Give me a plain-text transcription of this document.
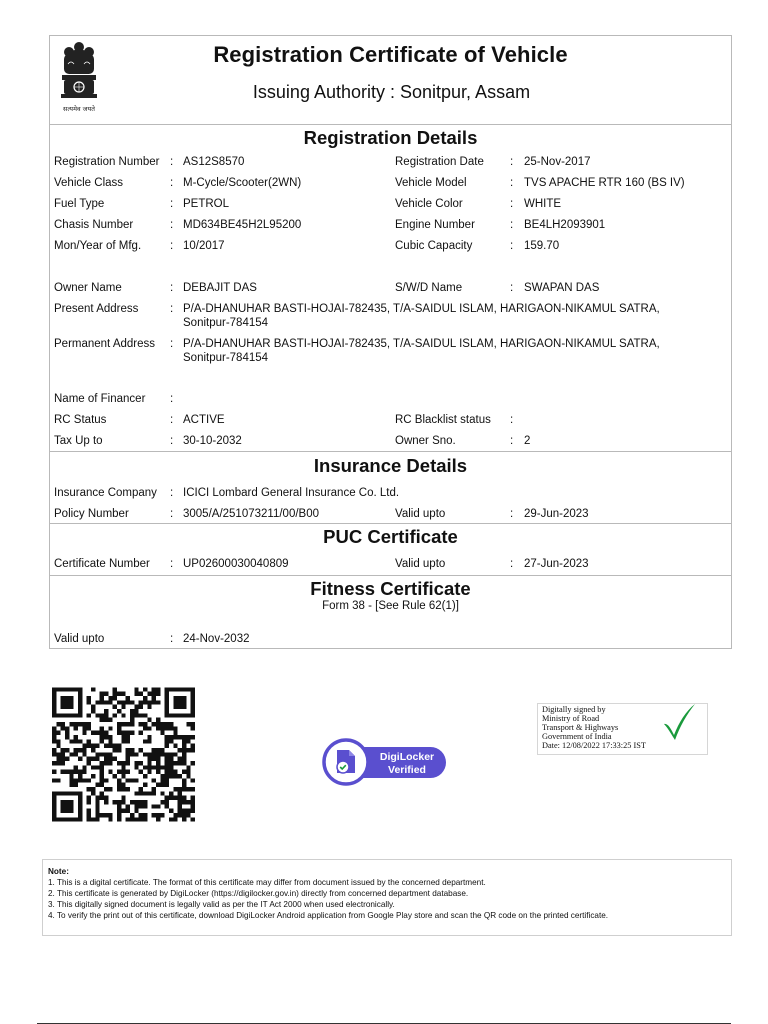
सत्यमेव जयते
Registration Certificate of Vehicle
Issuing Authority : Sonitpur, Assam
Registration Details
Registration Number : AS12S8570	Registration Date : 25-Nov-2017
Vehicle Class	: M-Cycle/Scooter(2WN)	Vehicle Model	: TVS APACHE RTR 160 (BS IV)
Fuel Type	: PETROL	Vehicle Color	: WHITE
Chasis Number	: MD634BE45H2L95200	Engine Number	: BE4LH2093901
Mon/Year of Mfg.	: 10/2017	Cubic Capacity	: 159.70
Owner Name	: DEBAJIT DAS	S/W/D Name	: SWAPAN DAS
Present Address	: P/A-DHANUHAR BASTI-HOJAI-782435, T/A-SAIDUL ISLAM, HARIGAON-NIKAMUL SATRA,
Sonitpur-784154
Permanent Address : P/A-DHANUHAR BASTI-HOJAI-782435, T/A-SAIDUL ISLAM, HARIGAON-NIKAMUL SATRA,
Sonitpur-784154
Name of Financer :
RC Status	: ACTIVE	RC Blacklist status :
Tax Up to	: 30-10-2032	Owner Sno.	: 2
Insurance Details
Insurance Company : ICICI Lombard General Insurance Co. Ltd.
Policy Number	: 3005/A/251073211/00/B00	Valid upto	: 29-Jun-2023
PUC Certificate
Certificate Number : UP02600030040809	Valid upto	: 27-Jun-2023
Fitness Certificate
Form 38 - [See Rule 62(1)]
Valid upto	: 24-Nov-2032
DigiLocker
Verified
Digitally signed by
Ministry of Road
Transport & Highways
Government of India
Date: 12/08/2022 17:33:25 IST
Note:
1. This is a digital certificate. The format of this certificate may differ from document issued by the concerned department.
2. This certificate is generated by DigiLocker (https://digilocker.gov.in) directly from concerned department database.
3. This digitally signed document is legally valid as per the IT Act 2000 when used electronically.
4. To verify the print out of this certificate, download DigiLocker Android application from Google Play store and scan the QR code on the printed certificate.
